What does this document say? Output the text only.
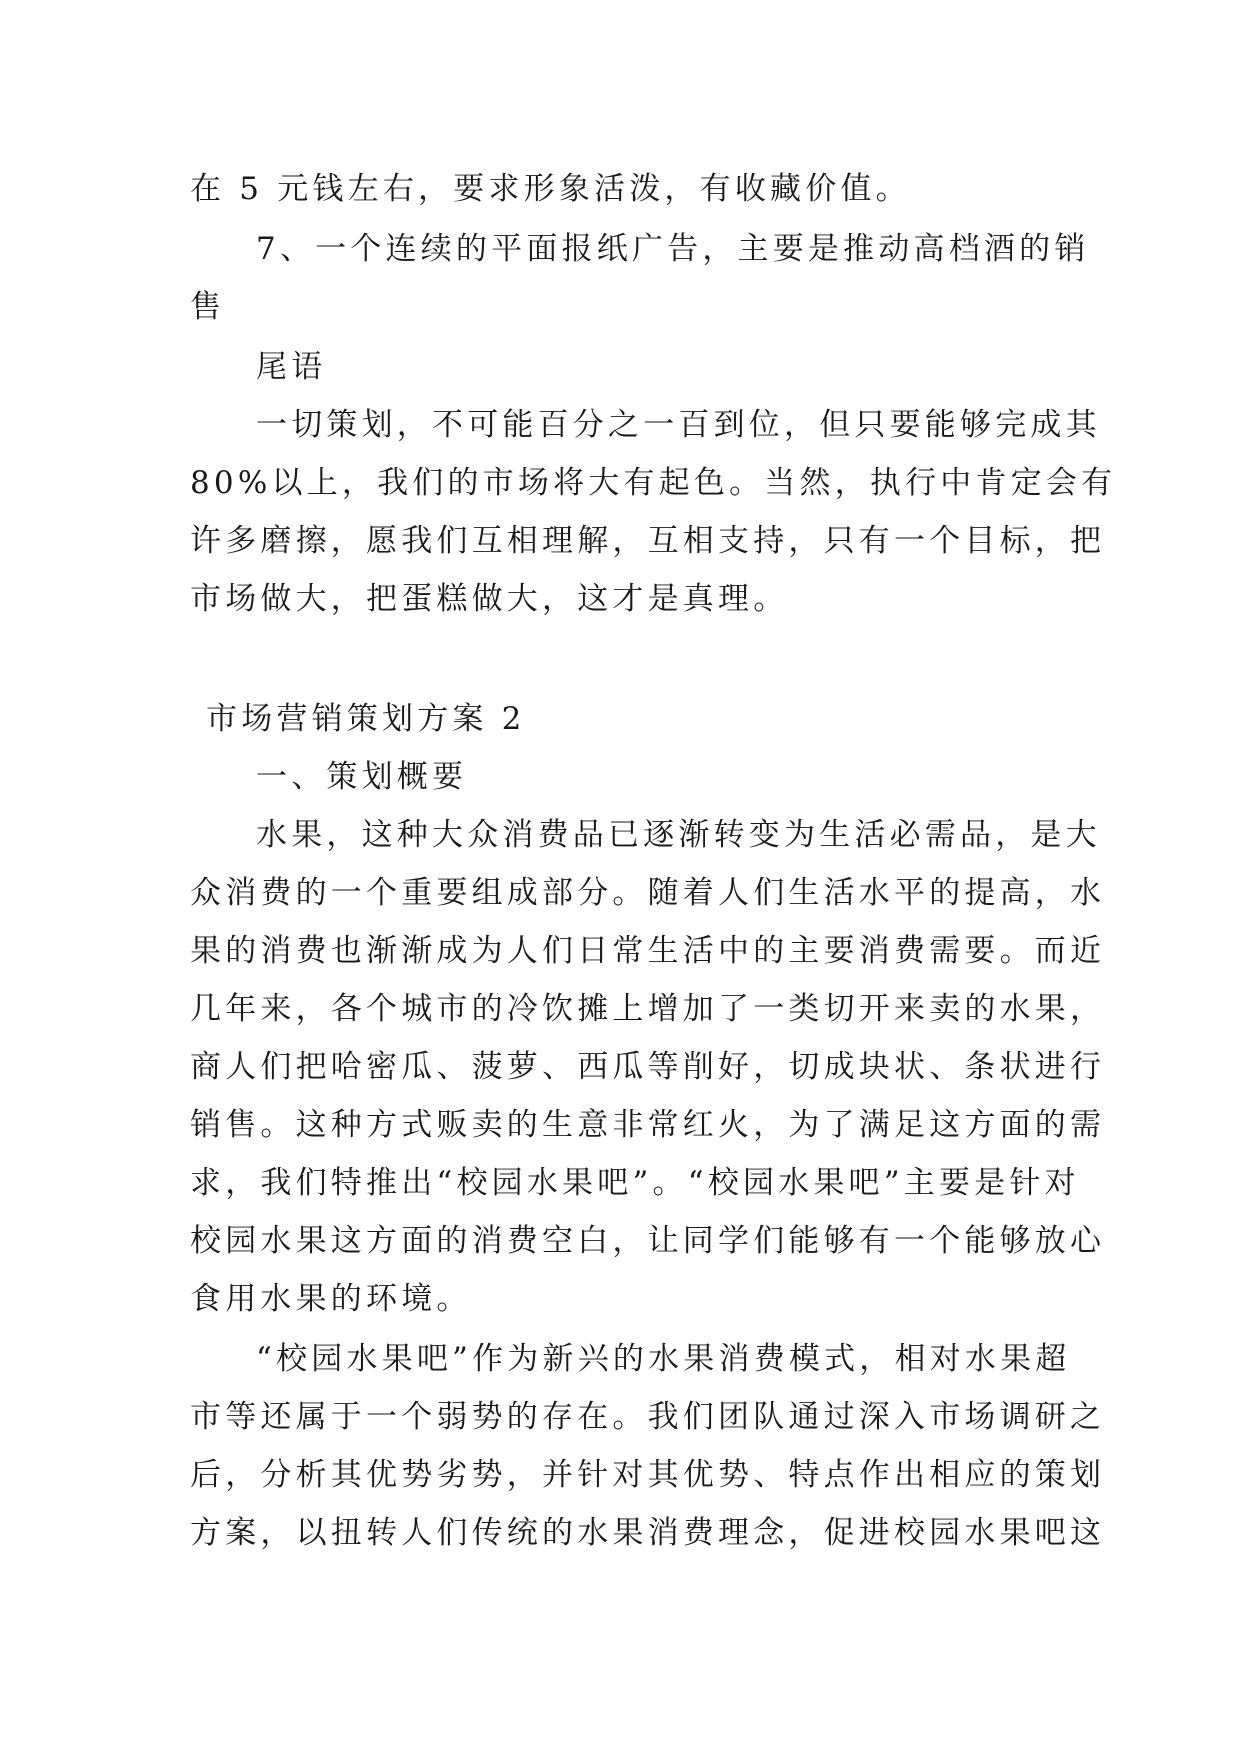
在 5 元钱左右，要求形象活泼，有收藏价值。
7、一个连续的平面报纸广告，主要是推动高档酒的销
售
尾语
一切策划，不可能百分之一百到位，但只要能够完成其
80%以上，我们的市场将大有起色。当然，执行中肯定会有
许多磨擦，愿我们互相理解，互相支持，只有一个目标，把
市场做大，把蛋糕做大，这才是真理。
市场营销策划方案 2
一、策划概要
水果，这种大众消费品已逐渐转变为生活必需品，是大
众消费的一个重要组成部分。随着人们生活水平的提高，水
果的消费也渐渐成为人们日常生活中的主要消费需要。而近
几年来，各个城市的冷饮摊上增加了一类切开来卖的水果，
商人们把哈密瓜、菠萝、西瓜等削好，切成块状、条状进行
销售。这种方式贩卖的生意非常红火，为了满足这方面的需
求，我们特推出“校园水果吧”。“校园水果吧”主要是针对
校园水果这方面的消费空白，让同学们能够有一个能够放心
食用水果的环境。
“校园水果吧”作为新兴的水果消费模式，相对水果超
市等还属于一个弱势的存在。我们团队通过深入市场调研之
后，分析其优势劣势，并针对其优势、特点作出相应的策划
方案，以扭转人们传统的水果消费理念，促进校园水果吧这
